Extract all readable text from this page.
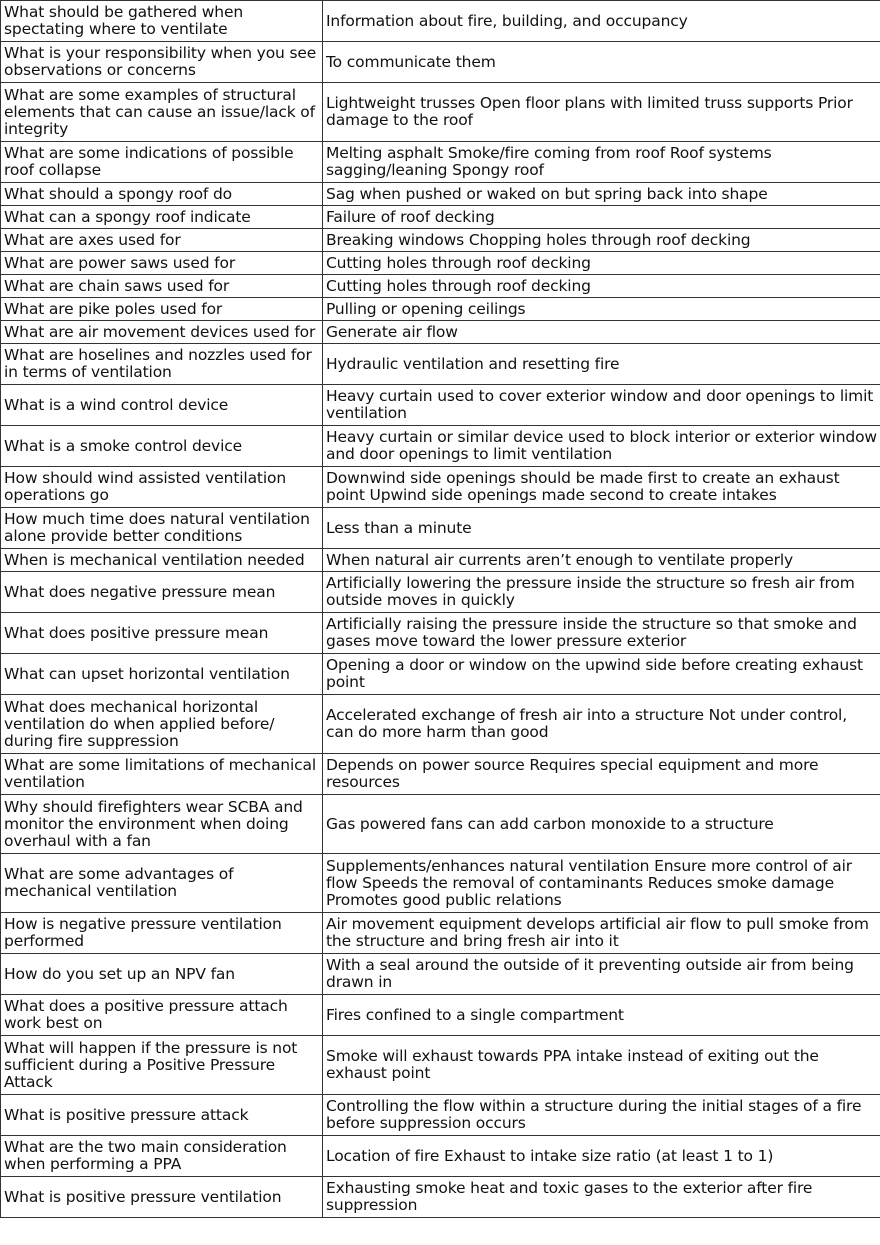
What should be gathered when spectating where to ventilate	Information about fire, building, and occupancy
What is your responsibility when you see observations or concerns	To communicate them
What are some examples of structural elements that can cause an issue/lack of integrity	Lightweight trusses Open floor plans with limited truss supports Prior damage to the roof
What are some indications of possible roof collapse	Melting asphalt Smoke/fire coming from roof Roof systems sagging/leaning Spongy roof
What should a spongy roof do	Sag when pushed or waked on but spring back into shape
What can a spongy roof indicate	Failure of roof decking
What are axes used for	Breaking windows Chopping holes through roof decking
What are power saws used for	Cutting holes through roof decking
What are chain saws used for	Cutting holes through roof decking
What are pike poles used for	Pulling or opening ceilings
What are air movement devices used for	Generate air flow
What are hoselines and nozzles used for in terms of ventilation	Hydraulic ventilation and resetting fire
What is a wind control device	Heavy curtain used to cover exterior window and door openings to limit ventilation
What is a smoke control device	Heavy curtain or similar device used to block interior or exterior window and door openings to limit ventilation
How should wind assisted ventilation operations go	Downwind side openings should be made first to create an exhaust point Upwind side openings made second to create intakes
How much time does natural ventilation alone provide better conditions	Less than a minute
When is mechanical ventilation needed	When natural air currents aren’t enough to ventilate properly
What does negative pressure mean	Artificially lowering the pressure inside the structure so fresh air from outside moves in quickly
What does positive pressure mean	Artificially raising the pressure inside the structure so that smoke and gases move toward the lower pressure exterior
What can upset horizontal ventilation	Opening a door or window on the upwind side before creating exhaust point
What does mechanical horizontal ventilation do when applied before/ during fire suppression	Accelerated exchange of fresh air into a structure Not under control, can do more harm than good
What are some limitations of mechanical ventilation	Depends on power source Requires special equipment and more resources
Why should firefighters wear SCBA and monitor the environment when doing overhaul with a fan	Gas powered fans can add carbon monoxide to a structure
What are some advantages of mechanical ventilation	Supplements/enhances natural ventilation Ensure more control of air flow Speeds the removal of contaminants Reduces smoke damage Promotes good public relations
How is negative pressure ventilation performed	Air movement equipment develops artificial air flow to pull smoke from the structure and bring fresh air into it
How do you set up an NPV fan	With a seal around the outside of it preventing outside air from being drawn in
What does a positive pressure attach work best on	Fires confined to a single compartment
What will happen if the pressure is not sufficient during a Positive Pressure Attack	Smoke will exhaust towards PPA intake instead of exiting out the exhaust point
What is positive pressure attack	Controlling the flow within a structure during the initial stages of a fire before suppression occurs
What are the two main consideration when performing a PPA	Location of fire Exhaust to intake size ratio (at least 1 to 1)
What is positive pressure ventilation	Exhausting smoke heat and toxic gases to the exterior after fire suppression
